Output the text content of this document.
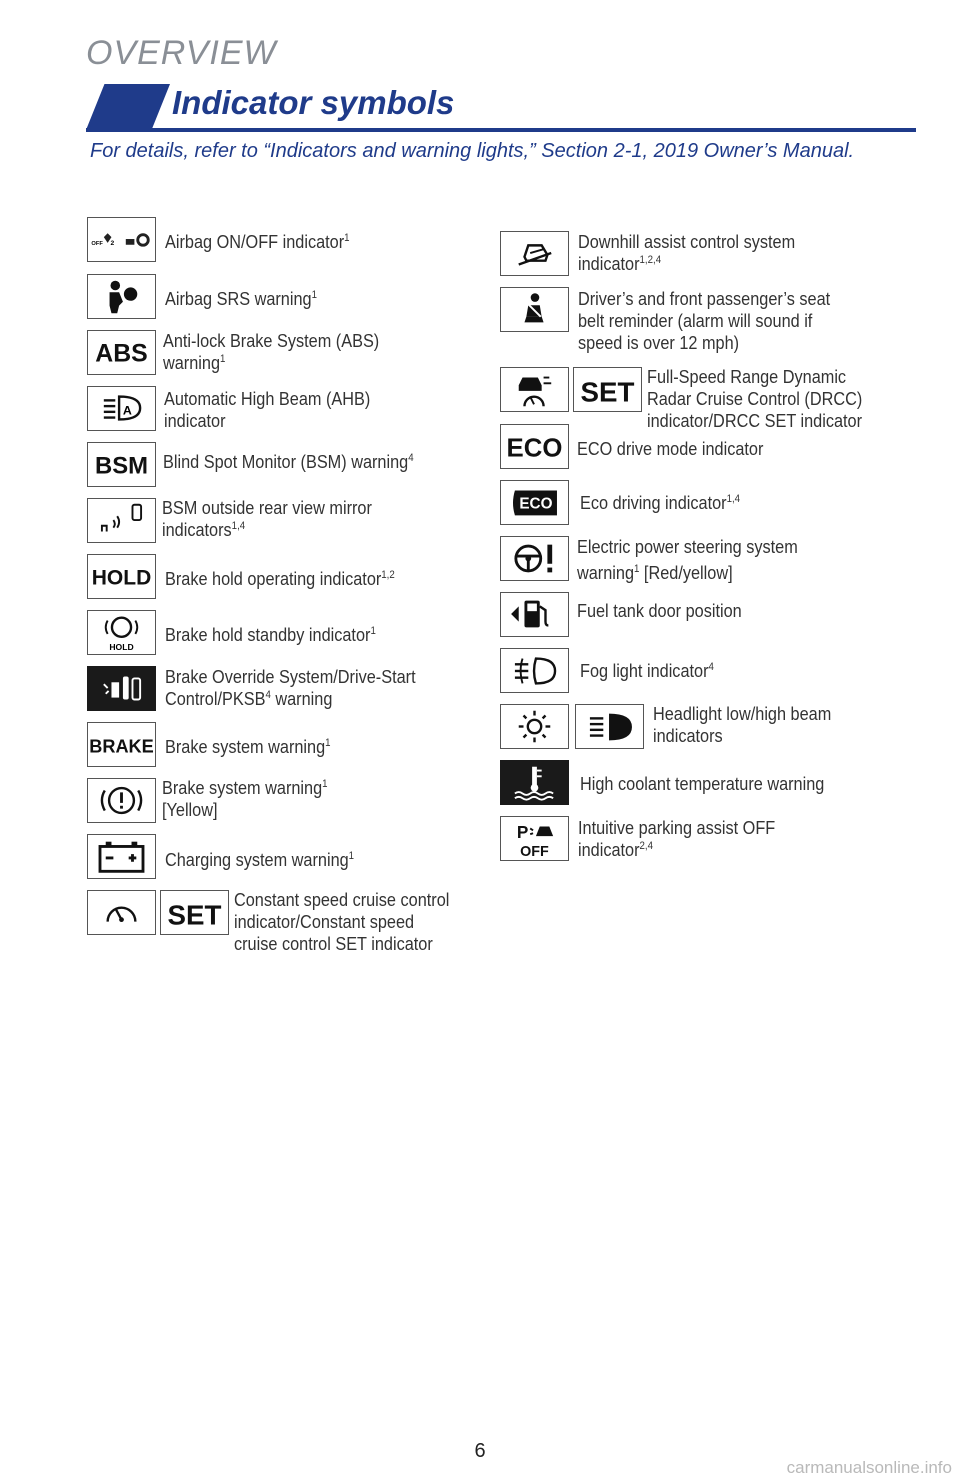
OVERVIEW
Indicator symbols
For details, refer to “Indicators and warning lights,” Section 2-1, 2019 Owner’s Manual.
OFF 2	Airbag ON/OFF indicator$^1$
Airbag SRS warning$^1$
ABS
Anti-lock Brake System (ABS)
warning$^1$
A
Automatic High Beam (AHB)
indicator
BSM Blind Spot Monitor (BSM) warning$^4$
BSM outside rear view mirror
indicators$^{1,4}$
HOLD Brake hold operating indicator$^{1,2}$
HOLD
Brake hold standby indicator$^1$
Brake Override System/Drive-Start
Control/PKSB$^4$ warning
BRAKE Brake system warning$^1$
Brake system warning$^1$
[Yellow]
Charging system warning$^1$
SET Constant speed cruise control
indicator/Constant speed
cruise control SET indicator
Downhill assist control system
indicator$^{1,2,4}$
Driver’s and front passenger’s seat
belt reminder (alarm will sound if
speed is over 12 mph)
SET Full-Speed Range Dynamic
Radar Cruise Control (DRCC)
indicator/DRCC SET indicator
ECO ECO drive mode indicator
ECO Eco driving indicator$^{1,4}$
Electric power steering system
warning$^1$ [Red/yellow]
Fuel tank door position
Fog light indicator$^4$
Headlight low/high beam
indicators
High coolant temperature warning
P
OFF
Intuitive parking assist OFF
indicator$^{2,4}$
6
carmanualsonline.info
